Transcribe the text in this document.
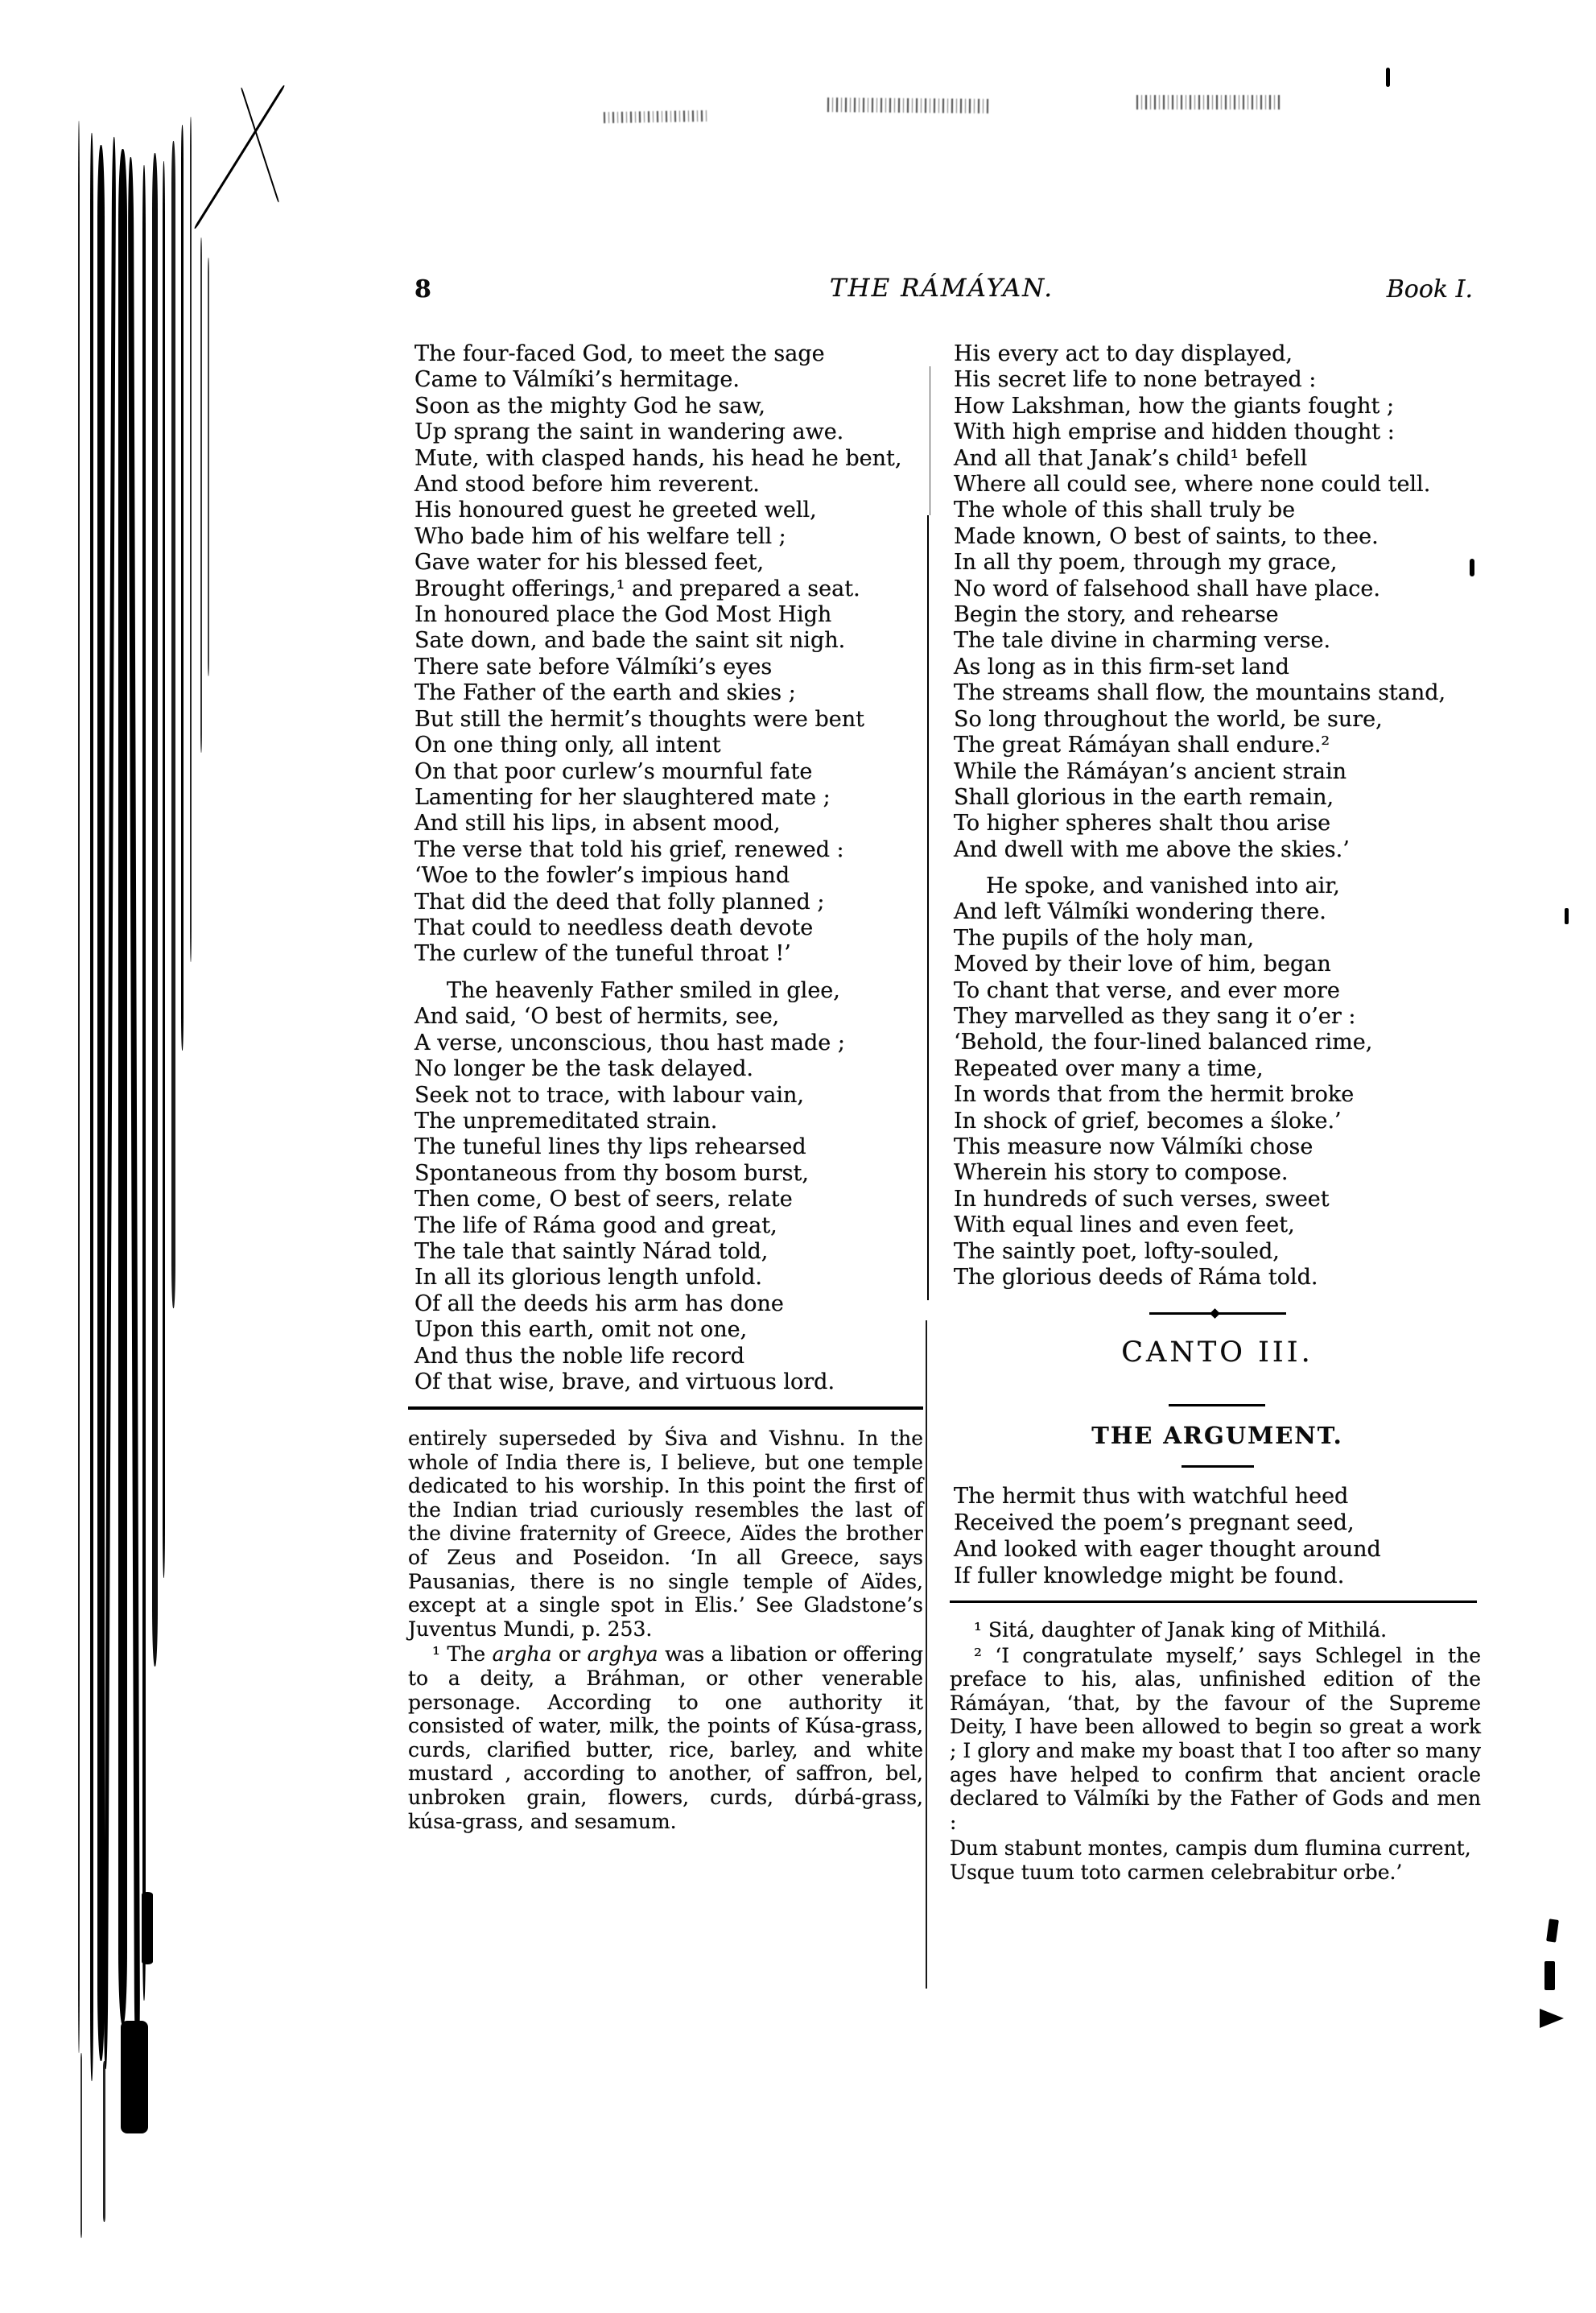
8	THE RÁMÁYAN.	Book I.
The four-faced God, to meet the sage
Came to Válmíki’s hermitage.
Soon as the mighty God he saw,
Up sprang the saint in wandering awe.
Mute, with clasped hands, his head he bent,
And stood before him reverent.
His honoured guest he greeted well,
Who bade him of his welfare tell ;
Gave water for his blessed feet,
Brought offerings,¹ and prepared a seat.
In honoured place the God Most High
Sate down, and bade the saint sit nigh.
There sate before Válmíki’s eyes
The Father of the earth and skies ;
But still the hermit’s thoughts were bent
On one thing only, all intent
On that poor curlew’s mournful fate
Lamenting for her slaughtered mate ;
And still his lips, in absent mood,
The verse that told his grief, renewed :
‘Woe to the fowler’s impious hand
That did the deed that folly planned ;
That could to needless death devote
The curlew of the tuneful throat !’
The heavenly Father smiled in glee,
And said, ‘O best of hermits, see,
A verse, unconscious, thou hast made ;
No longer be the task delayed.
Seek not to trace, with labour vain,
The unpremeditated strain.
The tuneful lines thy lips rehearsed
Spontaneous from thy bosom burst,
Then come, O best of seers, relate
The life of Ráma good and great,
The tale that saintly Nárad told,
In all its glorious length unfold.
Of all the deeds his arm has done
Upon this earth, omit not one,
And thus the noble life record
Of that wise, brave, and virtuous lord.

entirely superseded by Śiva and Vishnu. In the whole of India there is, I believe, but one temple dedicated to his worship. In this point the first of the Indian triad curiously resembles the last of the divine fraternity of Greece, Aïdes the brother of Zeus and Poseidon. ‘In all Greece, says Pausanias, there is no single temple of Aïdes, except at a single spot in Elis.’ See Gladstone’s Juventus Mundi, p. 253.

¹ The argha or arghya was a libation or offering to a deity, a Bráhman, or other venerable personage. According to one authority it consisted of water, milk, the points of Kúsa-grass, curds, clarified butter, rice, barley, and white mustard , according to another, of saffron, bel, unbroken grain, flowers, curds, dúrbá-grass, kúsa-grass, and sesamum.

His every act to day displayed,
His secret life to none betrayed :
How Lakshman, how the giants fought ;
With high emprise and hidden thought :
And all that Janak’s child¹ befell
Where all could see, where none could tell.
The whole of this shall truly be
Made known, O best of saints, to thee.
In all thy poem, through my grace,
No word of falsehood shall have place.
Begin the story, and rehearse
The tale divine in charming verse.
As long as in this firm-set land
The streams shall flow, the mountains stand,
So long throughout the world, be sure,
The great Rámáyan shall endure.²
While the Rámáyan’s ancient strain
Shall glorious in the earth remain,
To higher spheres shalt thou arise
And dwell with me above the skies.’
He spoke, and vanished into air,
And left Válmíki wondering there.
The pupils of the holy man,
Moved by their love of him, began
To chant that verse, and ever more
They marvelled as they sang it o’er :
‘Behold, the four-lined balanced rime,
Repeated over many a time,
In words that from the hermit broke
In shock of grief, becomes a śloke.’
This measure now Válmíki chose
Wherein his story to compose.
In hundreds of such verses, sweet
With equal lines and even feet,
The saintly poet, lofty-souled,
The glorious deeds of Ráma told.
CANTO III.
THE ARGUMENT.
The hermit thus with watchful heed
Received the poem’s pregnant seed,
And looked with eager thought around
If fuller knowledge might be found.

¹ Sitá, daughter of Janak king of Mithilá.

² ‘I congratulate myself,’ says Schlegel in the preface to his, alas, unfinished edition of the Rámáyan, ‘that, by the favour of the Supreme Deity, I have been allowed to begin so great a work ; I glory and make my boast that I too after so many ages have helped to confirm that ancient oracle declared to Válmíki by the Father of Gods and men :

Dum stabunt montes, campis dum flumina current,
Usque tuum toto carmen celebrabitur orbe.’
